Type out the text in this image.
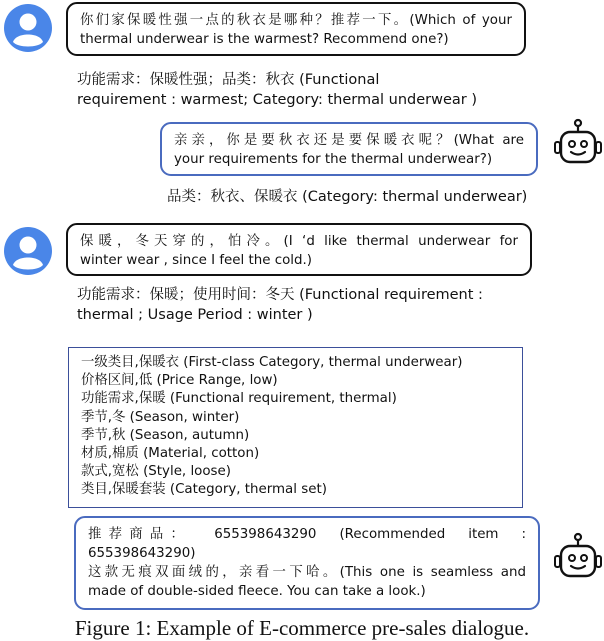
你们家保暖性强一点的秋衣是哪种？推荐一下。(Which of your
thermal underwear is the warmest? Recommend one?)
功能需求：保暖性强；品类：秋衣 (Functional
requirement : warmest; Category: thermal underwear )
亲亲，你是要秋衣还是要保暖衣呢？(What are
your requirements for the thermal underwear?)
品类：秋衣、保暖衣 (Category: thermal underwear)
保暖，冬天穿的，怕冷。(I ‘d like thermal underwear for
winter wear , since I feel the cold.)
功能需求：保暖；使用时间：冬天 (Functional requirement :
thermal ; Usage Period : winter )
一级类目,保暖衣 (First-class Category, thermal underwear)
价格区间,低 (Price Range, low)
功能需求,保暖 (Functional requirement, thermal)
季节,冬 (Season, winter)
季节,秋 (Season, autumn)
材质,棉质 (Material, cotton)
款式,宽松 (Style, loose)
类目,保暖套装 (Category, thermal set)
推荐商品：  655398643290  (Recommended  item  :
655398643290)
这款无痕双面绒的，亲看一下哈。(This one is seamless and
made of double-sided fleece. You can take a look.)
Figure 1: Example of E-commerce pre-sales dialogue.
